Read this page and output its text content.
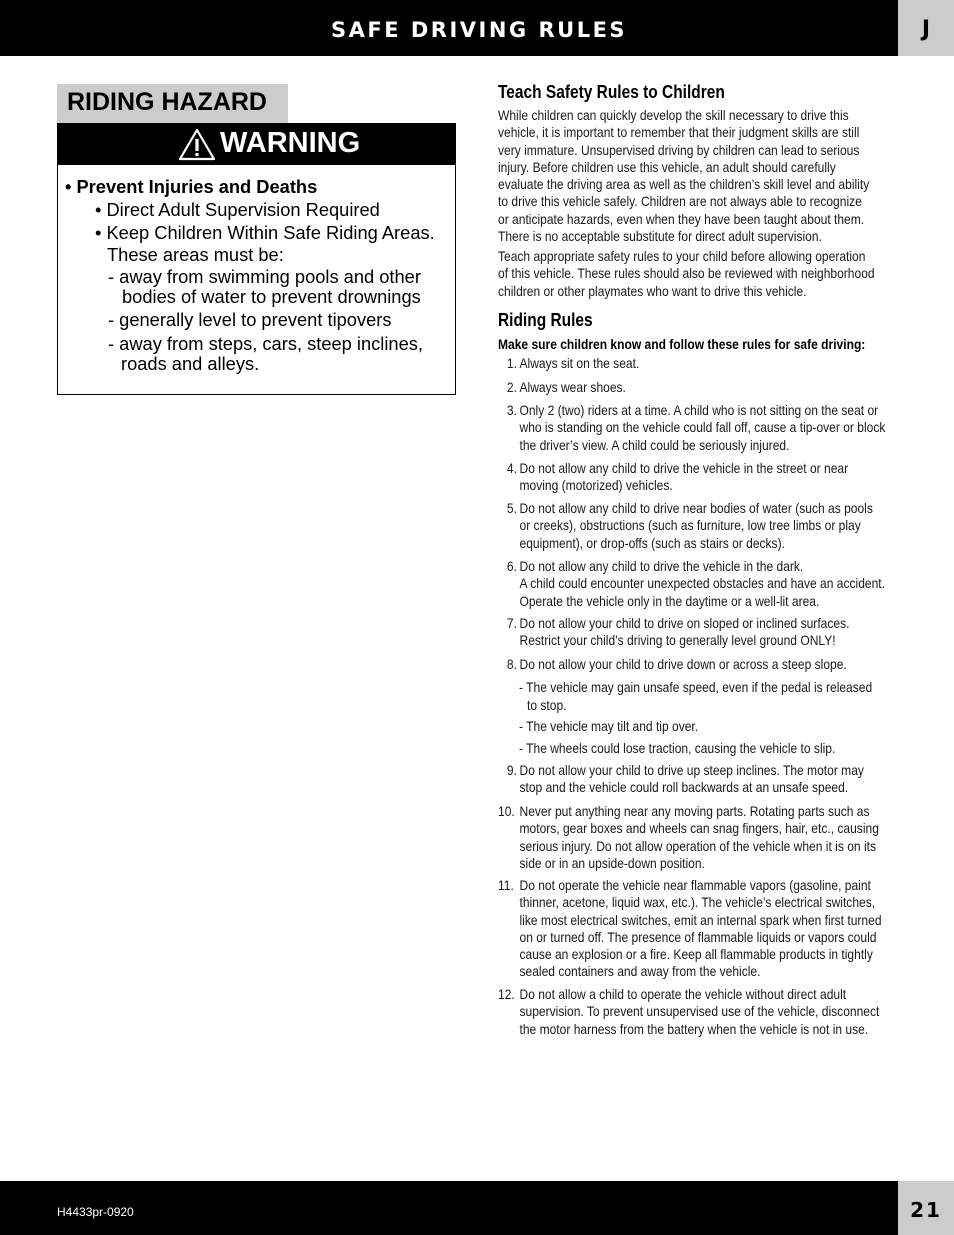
SAFE DRIVING RULES	J
RIDING HAZARD
WARNING
• Prevent Injuries and Deaths
• Direct Adult Supervision Required
• Keep Children Within Safe Riding Areas.
These areas must be:
- away from swimming pools and other
bodies of water to prevent drownings
- generally level to prevent tipovers
- away from steps, cars, steep inclines,
roads and alleys.
Teach Safety Rules to Children

While children can quickly develop the skill necessary to drive this

vehicle, it is important to remember that their judgment skills are still

very immature. Unsupervised driving by children can lead to serious

injury. Before children use this vehicle, an adult should carefully

evaluate the driving area as well as the children’s skill level and ability

to drive this vehicle safely. Children are not always able to recognize

or anticipate hazards, even when they have been taught about them.

There is no acceptable substitute for direct adult supervision.

Teach appropriate safety rules to your child before allowing operation

of this vehicle. These rules should also be reviewed with neighborhood

children or other playmates who want to drive this vehicle.

Riding Rules
Make sure children know and follow these rules for safe driving:
1. Always sit on the seat.
2. Always wear shoes.
3. Only 2 (two) riders at a time. A child who is not sitting on the seat or
who is standing on the vehicle could fall off, cause a tip-over or block
the driver’s view. A child could be seriously injured.
4. Do not allow any child to drive the vehicle in the street or near
moving (motorized) vehicles.
5. Do not allow any child to drive near bodies of water (such as pools
or creeks), obstructions (such as furniture, low tree limbs or play
equipment), or drop-offs (such as stairs or decks).
6. Do not allow any child to drive the vehicle in the dark.
A child could encounter unexpected obstacles and have an accident.
Operate the vehicle only in the daytime or a well-lit area.
7. Do not allow your child to drive on sloped or inclined surfaces.
Restrict your child’s driving to generally level ground ONLY!
8. Do not allow your child to drive down or across a steep slope.
- The vehicle may gain unsafe speed, even if the pedal is released
to stop.
- The vehicle may tilt and tip over.
- The wheels could lose traction, causing the vehicle to slip.
9. Do not allow your child to drive up steep inclines. The motor may
stop and the vehicle could roll backwards at an unsafe speed.
10. Never put anything near any moving parts. Rotating parts such as
motors, gear boxes and wheels can snag fingers, hair, etc., causing
serious injury. Do not allow operation of the vehicle when it is on its
side or in an upside-down position.
11. Do not operate the vehicle near flammable vapors (gasoline, paint
thinner, acetone, liquid wax, etc.). The vehicle’s electrical switches,
like most electrical switches, emit an internal spark when first turned
on or turned off. The presence of flammable liquids or vapors could
cause an explosion or a fire. Keep all flammable products in tightly
sealed containers and away from the vehicle.
12. Do not allow a child to operate the vehicle without direct adult
supervision. To prevent unsupervised use of the vehicle, disconnect
the motor harness from the battery when the vehicle is not in use.
H4433pr-0920	21
